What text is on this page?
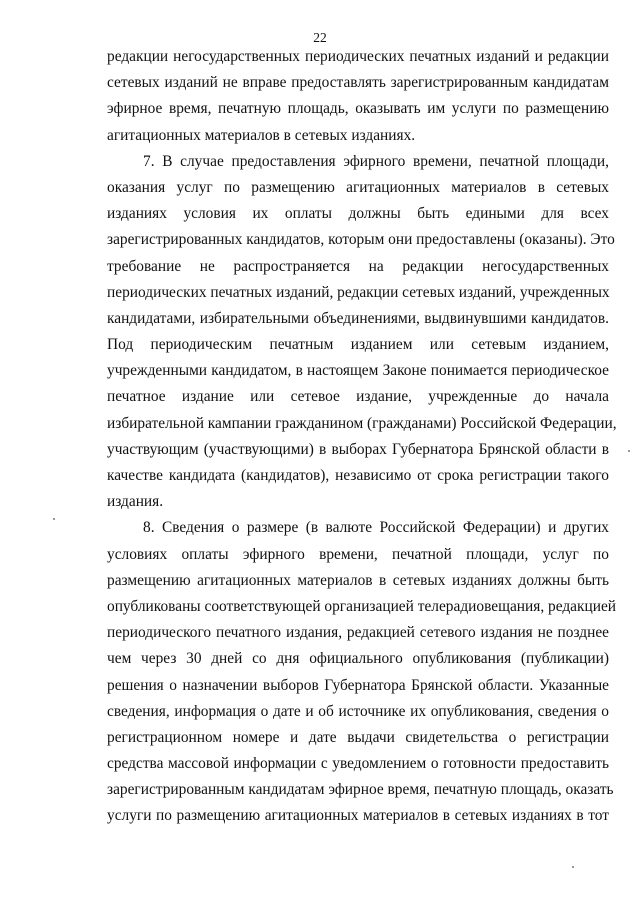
22
редакции негосударственных периодических печатных изданий и редакции
сетевых изданий не вправе предоставлять зарегистрированным кандидатам
эфирное время, печатную площадь, оказывать им услуги по размещению
агитационных материалов в сетевых изданиях.
7. В случае предоставления эфирного времени, печатной площади,
оказания услуг по размещению агитационных материалов в сетевых
изданиях условия их оплаты должны быть едиными для всех
зарегистрированных кандидатов, которым они предоставлены (оказаны). Это
требование не распространяется на редакции негосударственных
периодических печатных изданий, редакции сетевых изданий, учрежденных
кандидатами, избирательными объединениями, выдвинувшими кандидатов.
Под периодическим печатным изданием или сетевым изданием,
учрежденными кандидатом, в настоящем Законе понимается периодическое
печатное издание или сетевое издание, учрежденные до начала
избирательной кампании гражданином (гражданами) Российской Федерации,
участвующим (участвующими) в выборах Губернатора Брянской области в
качестве кандидата (кандидатов), независимо от срока регистрации такого
издания.
8. Сведения о размере (в валюте Российской Федерации) и других
условиях оплаты эфирного времени, печатной площади, услуг по
размещению агитационных материалов в сетевых изданиях должны быть
опубликованы соответствующей организацией телерадиовещания, редакцией
периодического печатного издания, редакцией сетевого издания не позднее
чем через 30 дней со дня официального опубликования (публикации)
решения о назначении выборов Губернатора Брянской области. Указанные
сведения, информация о дате и об источнике их опубликования, сведения о
регистрационном номере и дате выдачи свидетельства о регистрации
средства массовой информации с уведомлением о готовности предоставить
зарегистрированным кандидатам эфирное время, печатную площадь, оказать
услуги по размещению агитационных материалов в сетевых изданиях в тот
